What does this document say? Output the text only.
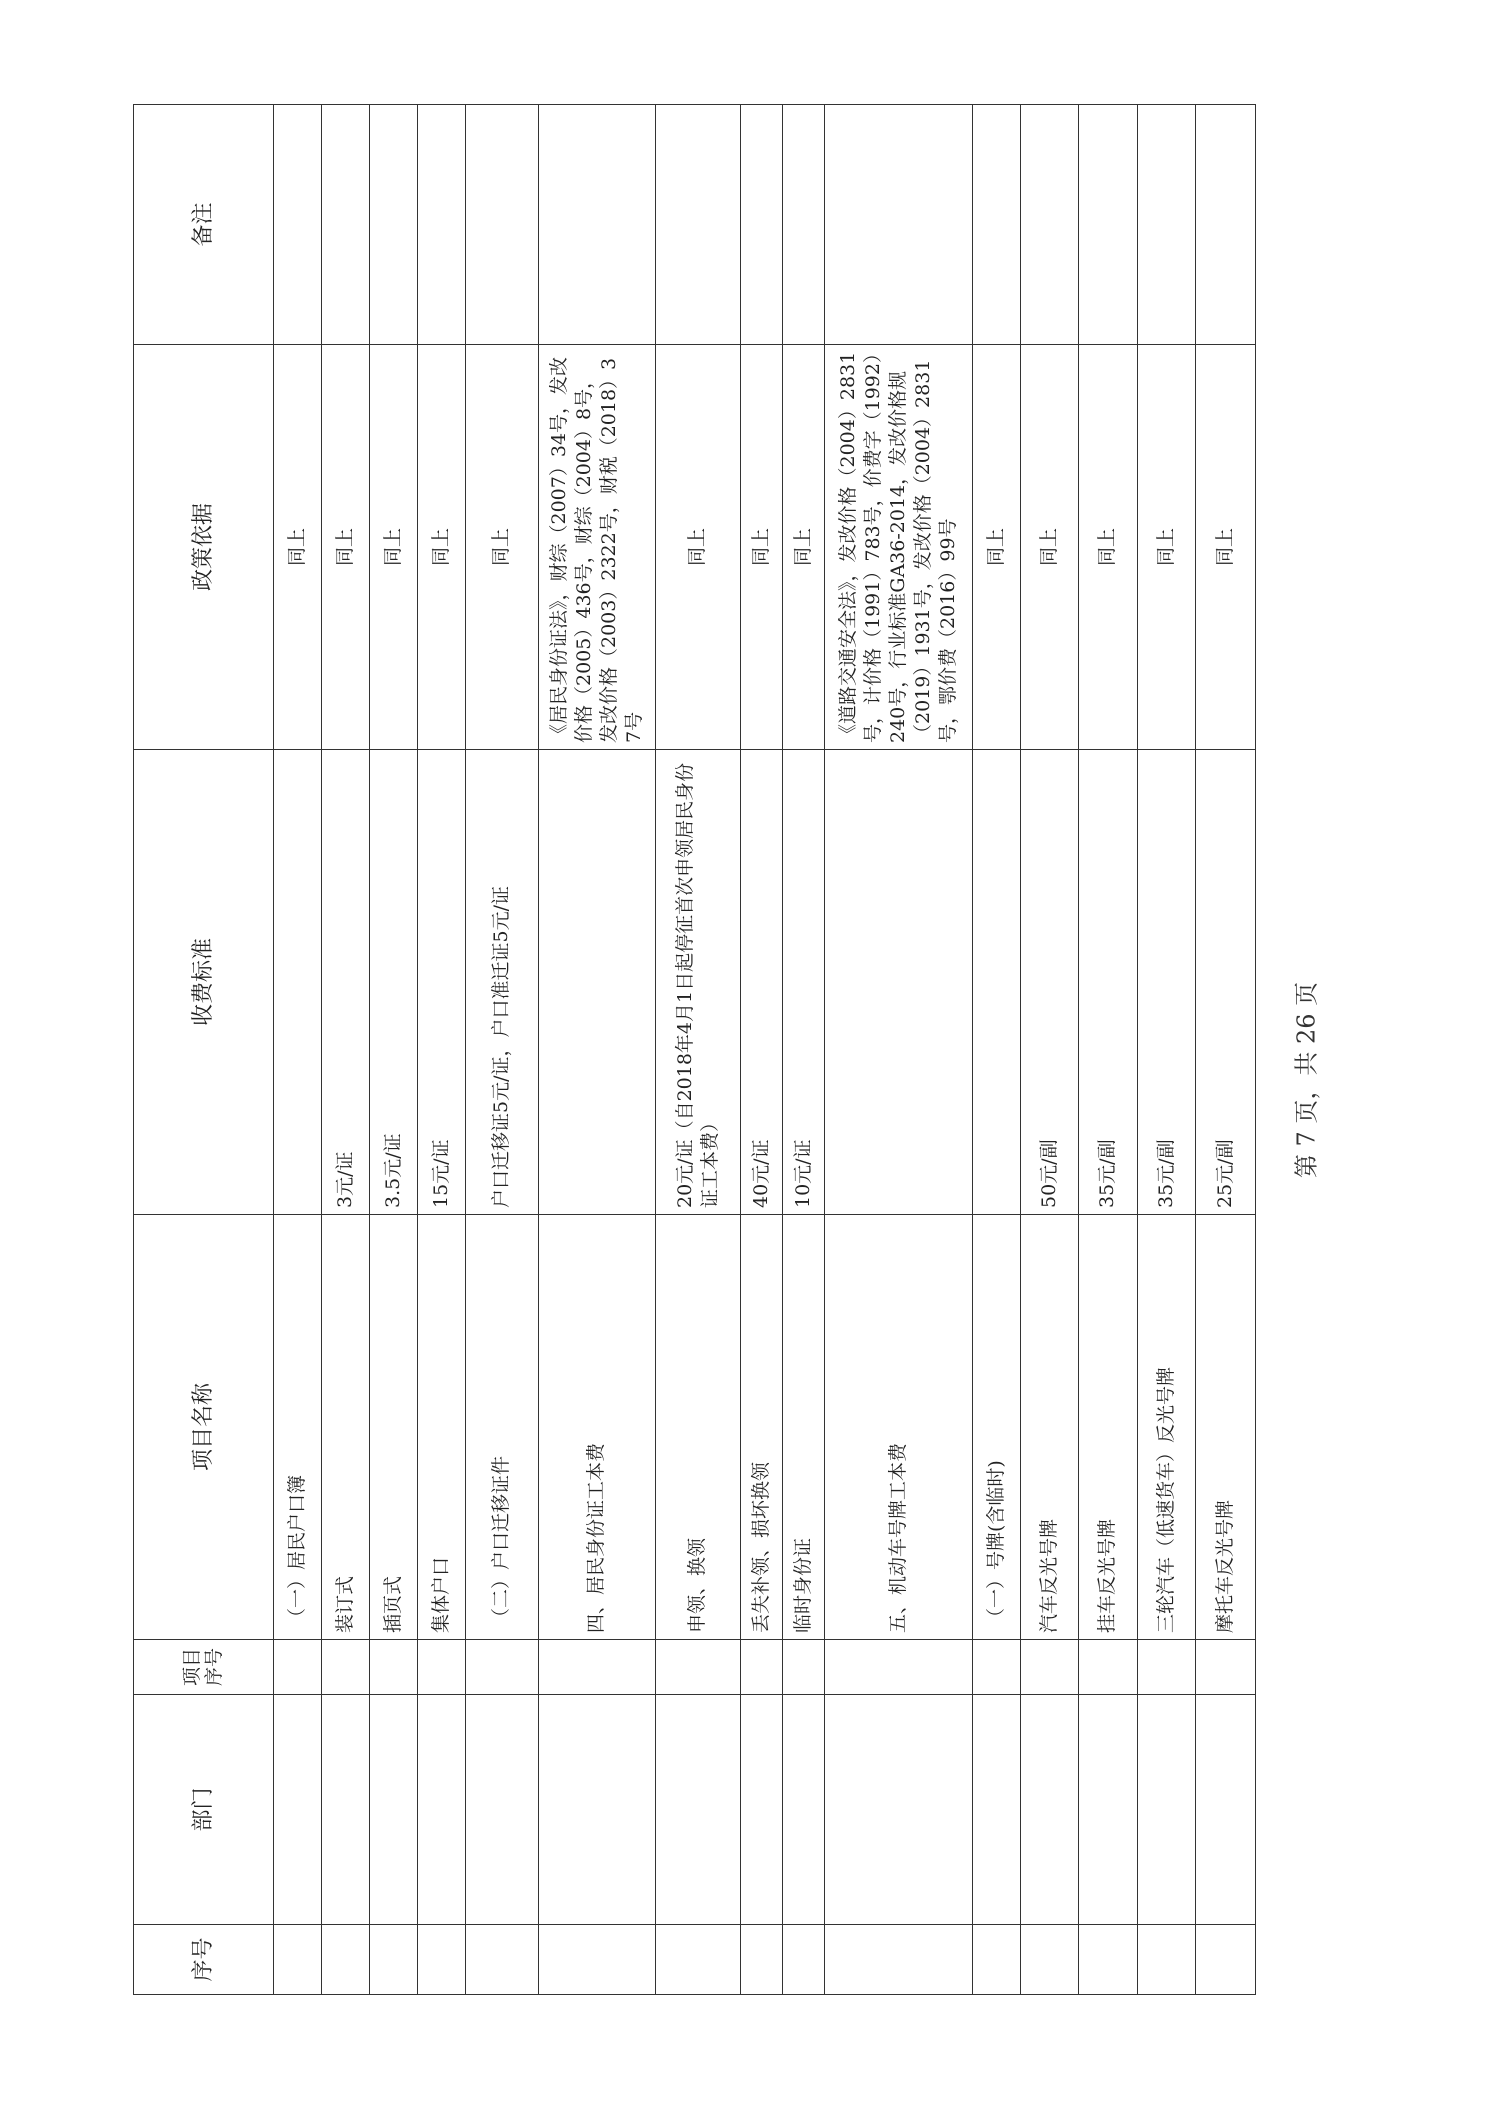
序号	部门	项目序号	项目名称	收费标准	政策依据	备注
			（一）居民户口簿		同上	
			装订式	3元/证	同上	
			插页式	3.5元/证	同上	
			集体户口	15元/证	同上	
			（二）户口迁移证件	户口迁移证5元/证，户口准迁证5元/证	同上	
			四、居民身份证工本费		《居民身份证法》，财综（2007）34号，发改价格（2005）436号，财综（2004）8号，发改价格（2003）2322号，财税（2018）37号	
			申领、换领	20元/证（自2018年4月1日起停征首次申领居民身份证工本费）	同上	
			丢失补领、损坏换领	40元/证	同上	
			临时身份证	10元/证	同上	
			五、机动车号牌工本费		《道路交通安全法》，发改价格（2004）2831号，计价格（1991）783号，价费字（1992）240号，行业标准GA36-2014，发改价格规（2019）1931号，发改价格（2004）2831号，鄂价费（2016）99号	
			（一）号牌(含临时)		同上	
			汽车反光号牌	50元/副	同上	
			挂车反光号牌	35元/副	同上	
			三轮汽车（低速货车）反光号牌	35元/副	同上	
			摩托车反光号牌	25元/副	同上	
第 7 页，共 26 页
